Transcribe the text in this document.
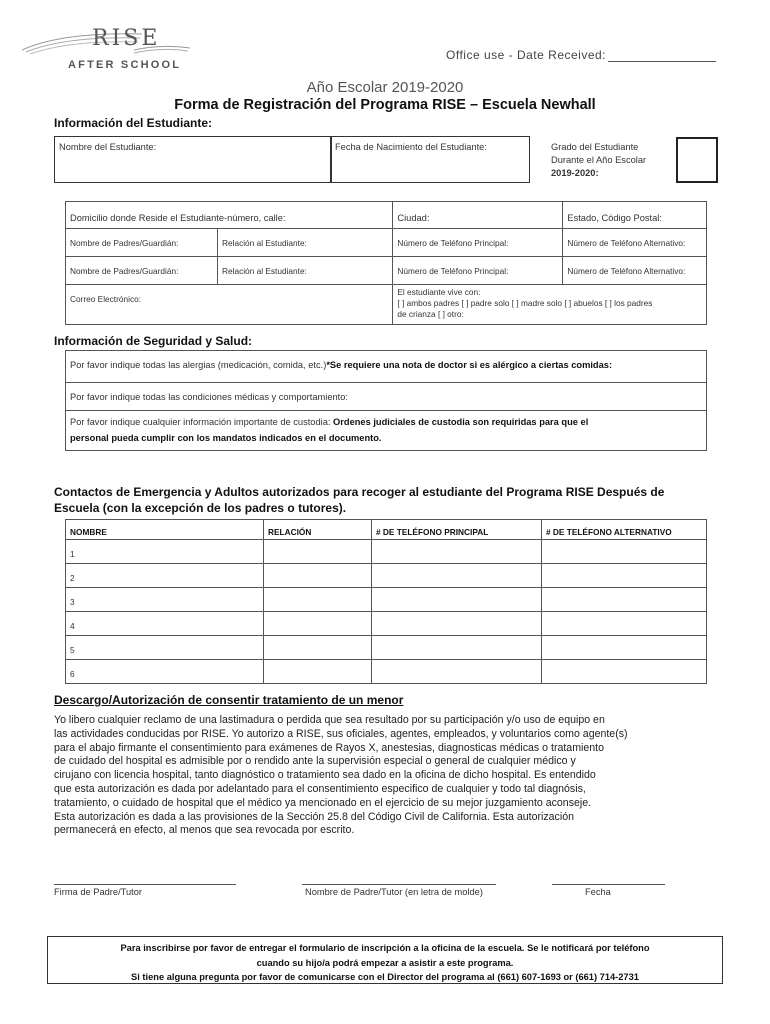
RISE
AFTER SCHOOL
Office use - Date Received:
Año Escolar 2019-2020
Forma de Registración del Programa RISE – Escuela Newhall
Información del Estudiante:
Nombre del Estudiante:	Fecha de Nacimiento del Estudiante:	Grado del Estudiante
Durante el Año Escolar
2019-2020:
Domicilio donde Reside el Estudiante-número, calle:		Ciudad:	Estado, Código Postal:
Nombre de Padres/Guardián:	Relación al Estudiante:	Número de Teléfono Principal:	Número de Teléfono Alternativo:
Nombre de Padres/Guardián:	Relación al Estudiante:	Número de Teléfono Principal:	Número de Teléfono Alternativo:
Correo Electrónico:		El estudiante vive con:
[ ] ambos padres [ ] padre solo [ ] madre solo [ ] abuelos [ ] los padres
de crianza [ ] otro:	
Información de Seguridad y Salud:
Por favor indique todas las alergias (medicación, comida, etc.)*Se requiere una nota de doctor si es alérgico a ciertas comidas:
Por favor indique todas las condiciones médicas y comportamiento:
Por favor indique cualquier información importante de custodia: Ordenes judiciales de custodia son requiridas para que el
personal pueda cumplir con los mandatos indicados en el documento.
Contactos de Emergencia y Adultos autorizados para recoger al estudiante del Programa RISE Después de
Escuela (con la excepción de los padres o tutores).
NOMBRE	RELACIÓN	# DE TELÉFONO PRINCIPAL	# DE TELÉFONO ALTERNATIVO
1			
2			
3			
4			
5			
6			
Descargo/Autorización de consentir tratamiento de un menor
Yo libero cualquier reclamo de una lastimadura o perdida que sea resultado por su participación y/o uso de equipo en
las actividades conducidas por RISE. Yo autorizo a RISE, sus oficiales, agentes, empleados, y voluntarios como agente(s)
para el abajo firmante el consentimiento para exámenes de Rayos X, anestesias, diagnosticas médicas o tratamiento
de cuidado del hospital es admisible por o rendido ante la supervisión especial o general de cualquier médico y
cirujano con licencia hospital, tanto diagnóstico o tratamiento sea dado en la oficina de dicho hospital. Es entendido
que esta autorización es dada por adelantado para el consentimiento especifico de cualquier y todo tal diagnósis,
tratamiento, o cuidado de hospital que el médico ya mencionado en el ejercicio de su mejor juzgamiento aconseje.
Esta autorización es dada a las provisiones de la Sección 25.8 del Código Civil de California. Esta autorización
permanecerá en efecto, al menos que sea revocada por escrito.
Firma de Padre/Tutor	Nombre de Padre/Tutor (en letra de molde)	Fecha
Para inscribirse por favor de entregar el formulario de inscripción a la oficina de la escuela. Se le notificará por teléfono
cuando su hijo/a podrá empezar a asistir a este programa.
Si tiene alguna pregunta por favor de comunicarse con el Director del programa al (661) 607-1693 or (661) 714-2731
